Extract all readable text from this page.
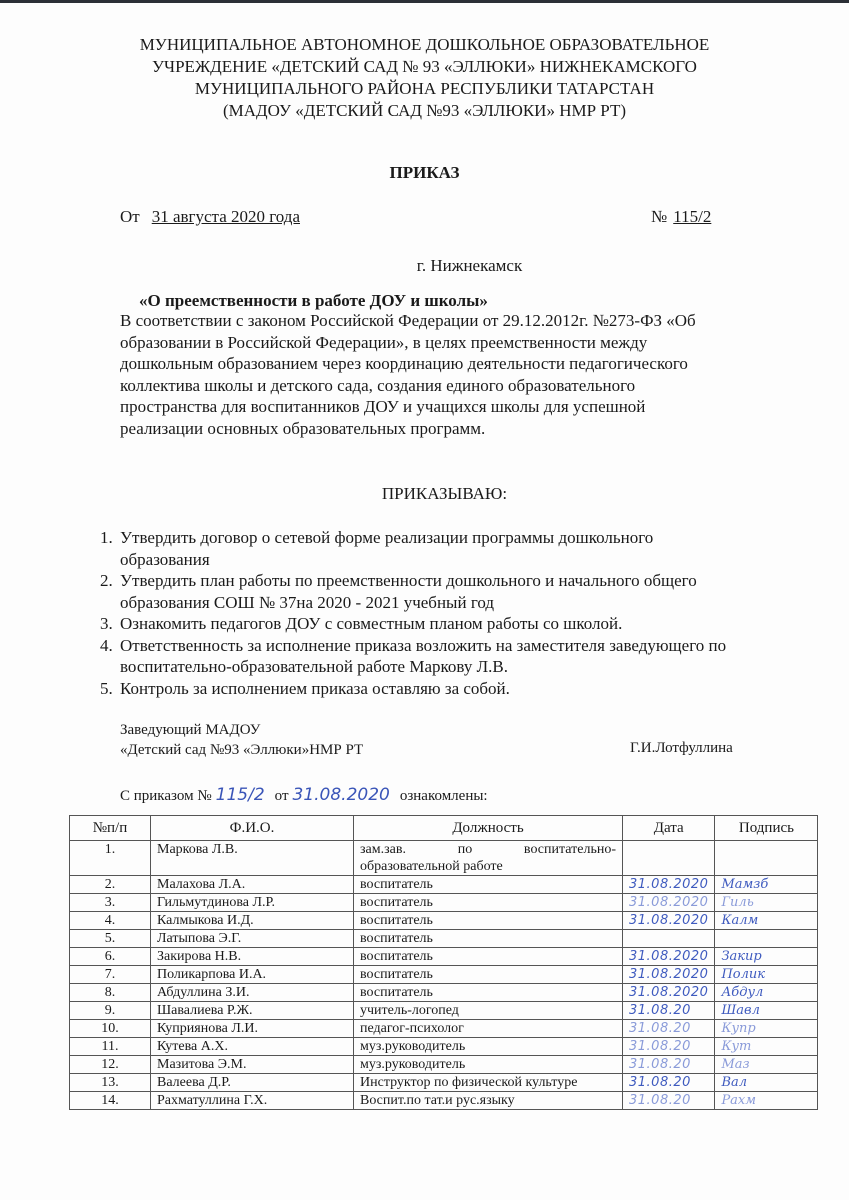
МУНИЦИПАЛЬНОЕ АВТОНОМНОЕ ДОШКОЛЬНОЕ ОБРАЗОВАТЕЛЬНОЕ
УЧРЕЖДЕНИЕ «ДЕТСКИЙ САД № 93 «ЭЛЛЮКИ» НИЖНЕКАМСКОГО
МУНИЦИПАЛЬНОГО РАЙОНА РЕСПУБЛИКИ ТАТАРСТАН
(МАДОУ «ДЕТСКИЙ САД №93 «ЭЛЛЮКИ» НМР РТ)
ПРИКАЗ
От 31 августа 2020 года	№ 115/2
г. Нижнекамск
«О преемственности в работе ДОУ и школы»
В соответствии с законом Российской Федерации от 29.12.2012г. №273-ФЗ «Об
образовании в Российской Федерации», в целях преемственности между
дошкольным образованием через координацию деятельности педагогического
коллектива школы и детского сада, создания единого образовательного
пространства для воспитанников ДОУ и учащихся школы для успешной
реализации основных образовательных программ.
ПРИКАЗЫВАЮ:
1. Утвердить договор о сетевой форме реализации программы дошкольного
образования
2. Утвердить план работы по преемственности дошкольного и начального общего
образования СОШ № 37на 2020 - 2021 учебный год
3. Ознакомить педагогов ДОУ с совместным планом работы со школой.
4. Ответственность за исполнение приказа возложить на заместителя заведующего по
воспитательно-образовательной работе Маркову Л.В.
5. Контроль за исполнением приказа оставляю за собой.
Заведующий МАДОУ
«Детский сад №93 «Эллюки»НМР РТ	Г.И.Лотфуллина
С приказом № 115/2 от 31.08.2020 ознакомлены:
№п/п	Ф.И.О.	Должность	Дата	Подпись
1.	Маркова Л.В.	зам.зав. по воспитательно-
образовательной работе		

2.	Малахова Л.А.	воспитатель	31.08.2020	Мамзб
3.	Гильмутдинова Л.Р.	воспитатель	31.08.2020	Гиль
4.	Калмыкова И.Д.	воспитатель	31.08.2020	Калм
5.	Латыпова Э.Г.	воспитатель		
6.	Закирова Н.В.	воспитатель	31.08.2020	Закир
7.	Поликарпова И.А.	воспитатель	31.08.2020	Полик
8.	Абдуллина З.И.	воспитатель	31.08.2020	Абдул
9.	Шавалиева Р.Ж.	учитель-логопед	31.08.20	Шавл
10.	Куприянова Л.И.	педагог-психолог	31.08.20	Купр
11.	Кутева А.Х.	муз.руководитель	31.08.20	Кут
12.	Мазитова Э.М.	муз.руководитель	31.08.20	Маз
13.	Валеева Д.Р.	Инструктор по физической культуре	31.08.20	Вал
14.	Рахматуллина Г.Х.	Воспит.по тат.и рус.языку	31.08.20	Рахм
